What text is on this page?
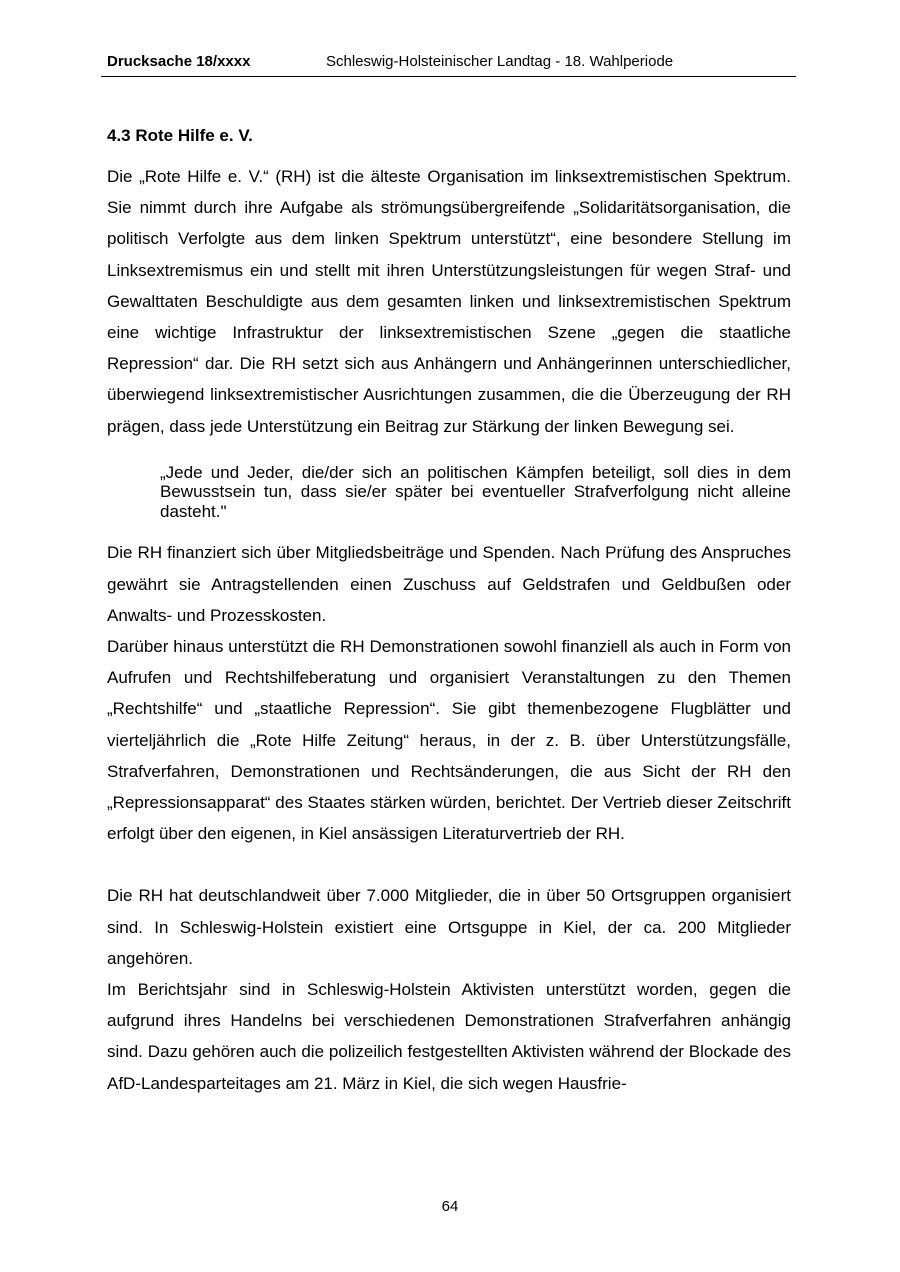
Drucksache 18/xxxx	Schleswig-Holsteinischer Landtag - 18. Wahlperiode
4.3 Rote Hilfe e. V.

Die „Rote Hilfe e. V.“ (RH) ist die älteste Organisation im linksextremistischen Spektrum. Sie nimmt durch ihre Aufgabe als strömungsübergreifende „Solidaritätsorganisation, die politisch Verfolgte aus dem linken Spektrum unterstützt“, eine besondere Stellung im Linksextremismus ein und stellt mit ihren Unterstützungsleistungen für wegen Straf- und Gewalttaten Beschuldigte aus dem gesamten linken und linksextremistischen Spektrum eine wichtige Infrastruktur der linksextremistischen Szene „gegen die staatliche Repression“ dar. Die RH setzt sich aus Anhängern und Anhängerinnen unterschiedlicher, überwiegend linksextremistischer Ausrichtungen zusammen, die die Überzeugung der RH prägen, dass jede Unterstützung ein Beitrag zur Stärkung der linken Bewegung sei.

„Jede und Jeder, die/der sich an politischen Kämpfen beteiligt, soll dies in dem Bewusstsein tun, dass sie/er später bei eventueller Strafverfolgung nicht alleine dasteht."

Die RH finanziert sich über Mitgliedsbeiträge und Spenden. Nach Prüfung des Anspruches gewährt sie Antragstellenden einen Zuschuss auf Geldstrafen und Geldbußen oder Anwalts- und Prozesskosten.

Darüber hinaus unterstützt die RH Demonstrationen sowohl finanziell als auch in Form von Aufrufen und Rechtshilfeberatung und organisiert Veranstaltungen zu den Themen „Rechtshilfe“ und „staatliche Repression“. Sie gibt themenbezogene Flugblätter und vierteljährlich die „Rote Hilfe Zeitung“ heraus, in der z. B. über Unterstützungsfälle, Strafverfahren, Demonstrationen und Rechtsänderungen, die aus Sicht der RH den „Repressionsapparat“ des Staates stärken würden, berichtet. Der Vertrieb dieser Zeitschrift erfolgt über den eigenen, in Kiel ansässigen Literaturvertrieb der RH.

Die RH hat deutschlandweit über 7.000 Mitglieder, die in über 50 Ortsgruppen organisiert sind. In Schleswig-Holstein existiert eine Ortsguppe in Kiel, der ca. 200 Mitglieder angehören.

Im Berichtsjahr sind in Schleswig-Holstein Aktivisten unterstützt worden, gegen die aufgrund ihres Handelns bei verschiedenen Demonstrationen Strafverfahren anhängig sind. Dazu gehören auch die polizeilich festgestellten Aktivisten während der Blockade des AfD-Landesparteitages am 21. März in Kiel, die sich wegen Hausfrie-

64
